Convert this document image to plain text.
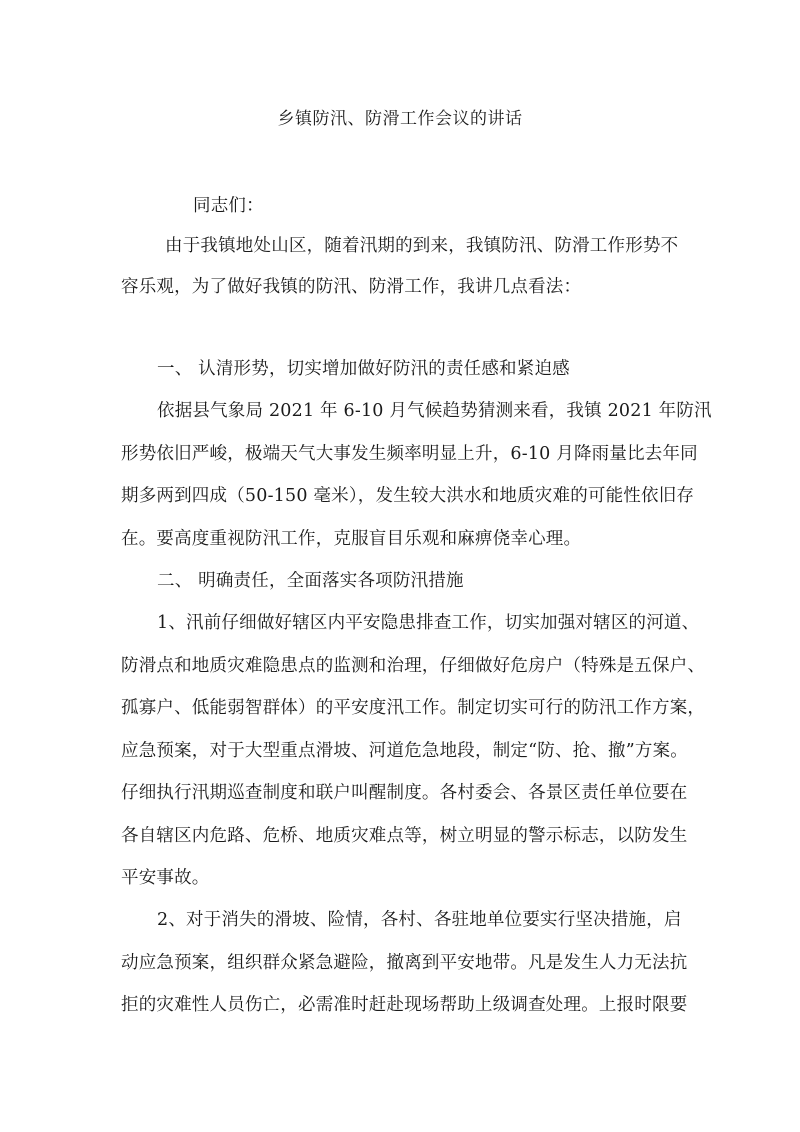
乡镇防汛、防滑工作会议的讲话
同志们：
由于我镇地处山区，随着汛期的到来，我镇防汛、防滑工作形势不
容乐观，为了做好我镇的防汛、防滑工作，我讲几点看法：
一、 认清形势，切实增加做好防汛的责任感和紧迫感
依据县气象局 2021 年 6-10 月气候趋势猜测来看，我镇 2021 年防汛
形势依旧严峻，极端天气大事发生频率明显上升，6-10 月降雨量比去年同
期多两到四成（50-150 毫米），发生较大洪水和地质灾难的可能性依旧存
在。要高度重视防汛工作，克服盲目乐观和麻痹侥幸心理。
二、 明确责任，全面落实各项防汛措施
1、汛前仔细做好辖区内平安隐患排查工作，切实加强对辖区的河道、
防滑点和地质灾难隐患点的监测和治理，仔细做好危房户（特殊是五保户、
孤寡户、低能弱智群体）的平安度汛工作。制定切实可行的防汛工作方案，
应急预案，对于大型重点滑坡、河道危急地段，制定“防、抢、撤”方案。
仔细执行汛期巡查制度和联户叫醒制度。各村委会、各景区责任单位要在
各自辖区内危路、危桥、地质灾难点等，树立明显的警示标志，以防发生
平安事故。
2、对于消失的滑坡、险情，各村、各驻地单位要实行坚决措施，启
动应急预案，组织群众紧急避险，撤离到平安地带。凡是发生人力无法抗
拒的灾难性人员伤亡，必需准时赶赴现场帮助上级调查处理。上报时限要
